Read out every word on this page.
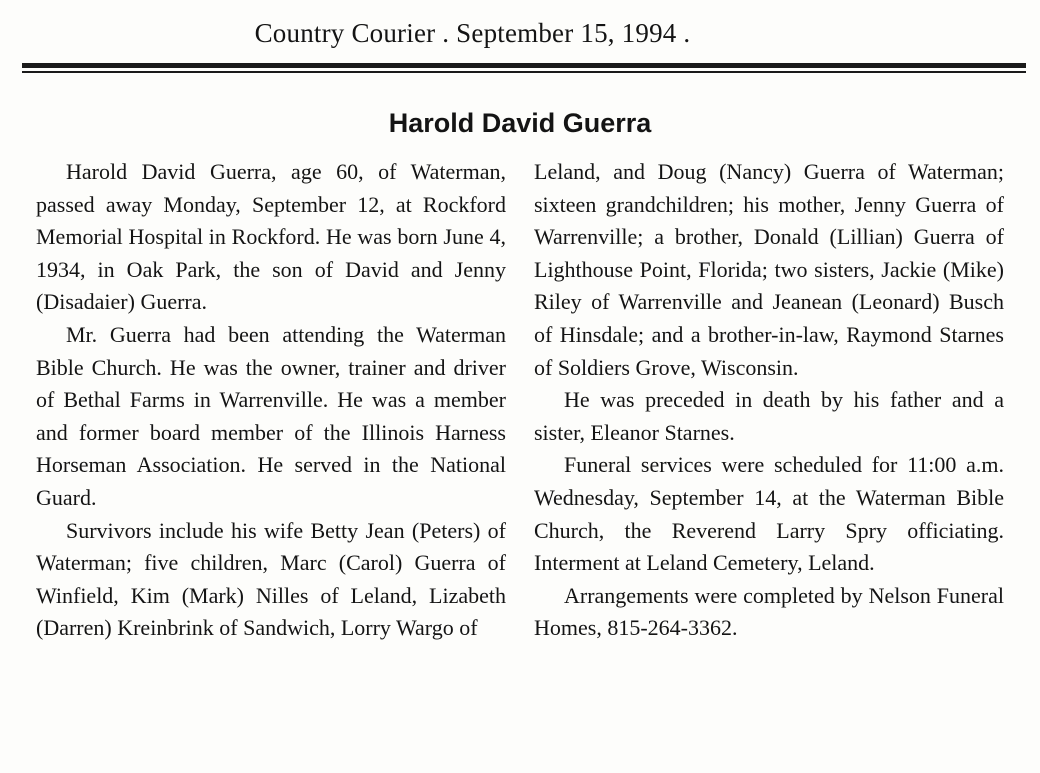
Country Courier . September 15, 1994 .
Harold David Guerra

Harold David Guerra, age 60, of Waterman, passed away Monday, September 12, at Rockford Memorial Hospital in Rockford. He was born June 4, 1934, in Oak Park, the son of David and Jenny (Disadaier) Guerra.

Mr. Guerra had been attending the Waterman Bible Church. He was the owner, trainer and driver of Bethal Farms in Warrenville. He was a member and former board member of the Illinois Harness Horseman Association. He served in the National Guard.

Survivors include his wife Betty Jean (Peters) of Waterman; five children, Marc (Carol) Guerra of Winfield, Kim (Mark) Nilles of Leland, Lizabeth (Darren) Kreinbrink of Sandwich, Lorry Wargo of

Leland, and Doug (Nancy) Guerra of Waterman; sixteen grandchildren; his mother, Jenny Guerra of Warrenville; a brother, Donald (Lillian) Guerra of Lighthouse Point, Florida; two sisters, Jackie (Mike) Riley of Warrenville and Jeanean (Leonard) Busch of Hinsdale; and a brother-in-law, Raymond Starnes of Soldiers Grove, Wisconsin.

He was preceded in death by his father and a sister, Eleanor Starnes.

Funeral services were scheduled for 11:00 a.m. Wednesday, September 14, at the Waterman Bible Church, the Reverend Larry Spry officiating. Interment at Leland Cemetery, Leland.

Arrangements were completed by Nelson Funeral Homes, 815-264-3362.
